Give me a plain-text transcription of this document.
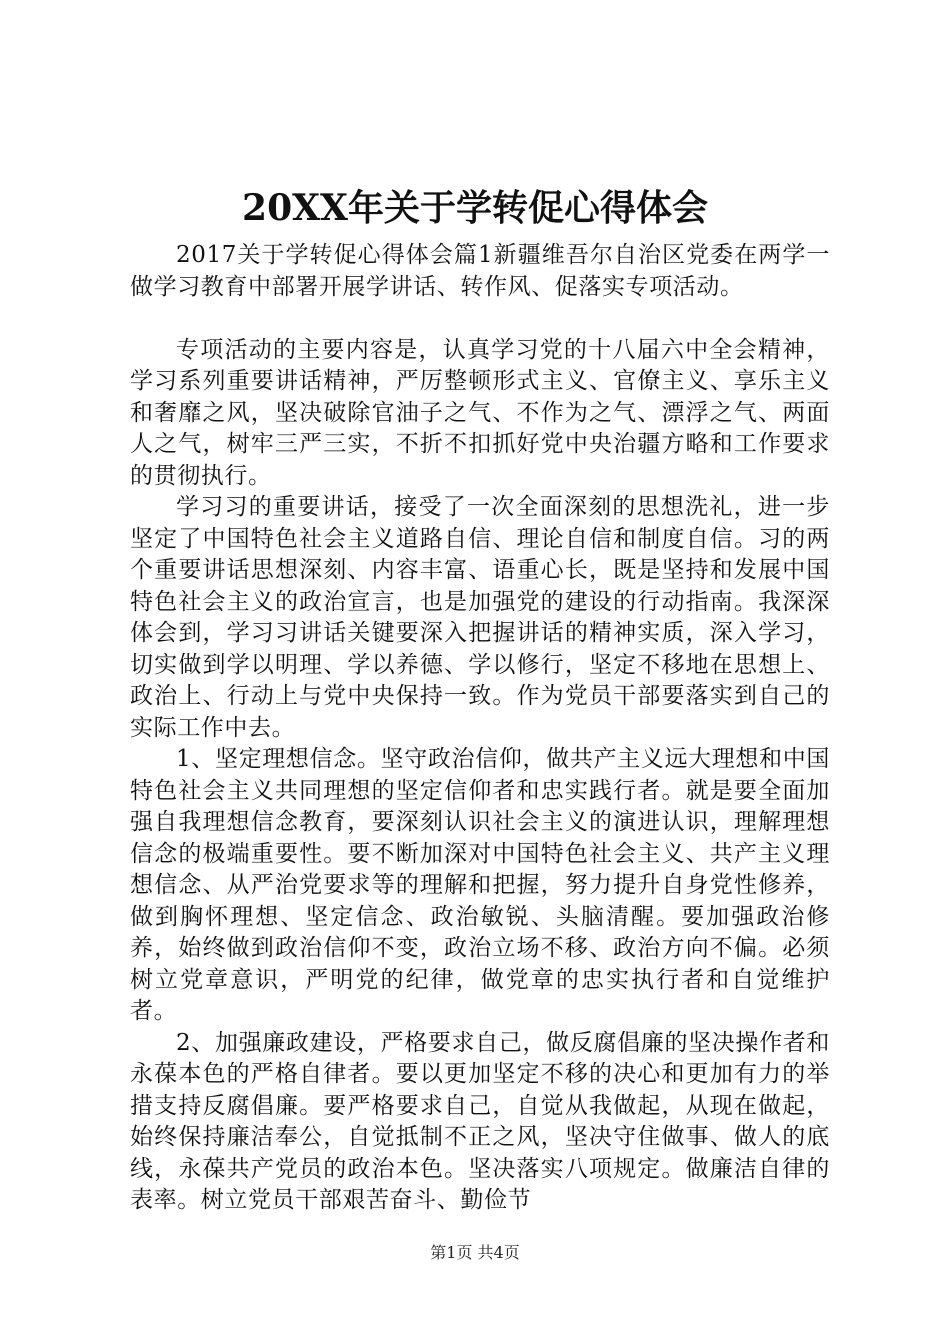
20XX年关于学转促心得体会

2017关于学转促心得体会篇1新疆维吾尔自治区党委在两学一做学习教育中部署开展学讲话、转作风、促落实专项活动。

专项活动的主要内容是，认真学习党的十八届六中全会精神，学习系列重要讲话精神，严厉整顿形式主义、官僚主义、享乐主义和奢靡之风，坚决破除官油子之气、不作为之气、漂浮之气、两面人之气，树牢三严三实，不折不扣抓好党中央治疆方略和工作要求的贯彻执行。

学习习的重要讲话，接受了一次全面深刻的思想洗礼，进一步坚定了中国特色社会主义道路自信、理论自信和制度自信。习的两个重要讲话思想深刻、内容丰富、语重心长，既是坚持和发展中国特色社会主义的政治宣言，也是加强党的建设的行动指南。我深深体会到，学习习讲话关键要深入把握讲话的精神实质，深入学习，切实做到学以明理、学以养德、学以修行，坚定不移地在思想上、政治上、行动上与党中央保持一致。作为党员干部要落实到自己的实际工作中去。

1、坚定理想信念。坚守政治信仰，做共产主义远大理想和中国特色社会主义共同理想的坚定信仰者和忠实践行者。就是要全面加强自我理想信念教育，要深刻认识社会主义的演进认识，理解理想信念的极端重要性。要不断加深对中国特色社会主义、共产主义理想信念、从严治党要求等的理解和把握，努力提升自身党性修养，做到胸怀理想、坚定信念、政治敏锐、头脑清醒。要加强政治修养，始终做到政治信仰不变，政治立场不移、政治方向不偏。必须树立党章意识，严明党的纪律，做党章的忠实执行者和自觉维护者。

2、加强廉政建设，严格要求自己，做反腐倡廉的坚决操作者和永葆本色的严格自律者。要以更加坚定不移的决心和更加有力的举措支持反腐倡廉。要严格要求自己，自觉从我做起，从现在做起，始终保持廉洁奉公，自觉抵制不正之风，坚决守住做事、做人的底线，永葆共产党员的政治本色。坚决落实八项规定。做廉洁自律的表率。树立党员干部艰苦奋斗、勤俭节

第1页 共4页
